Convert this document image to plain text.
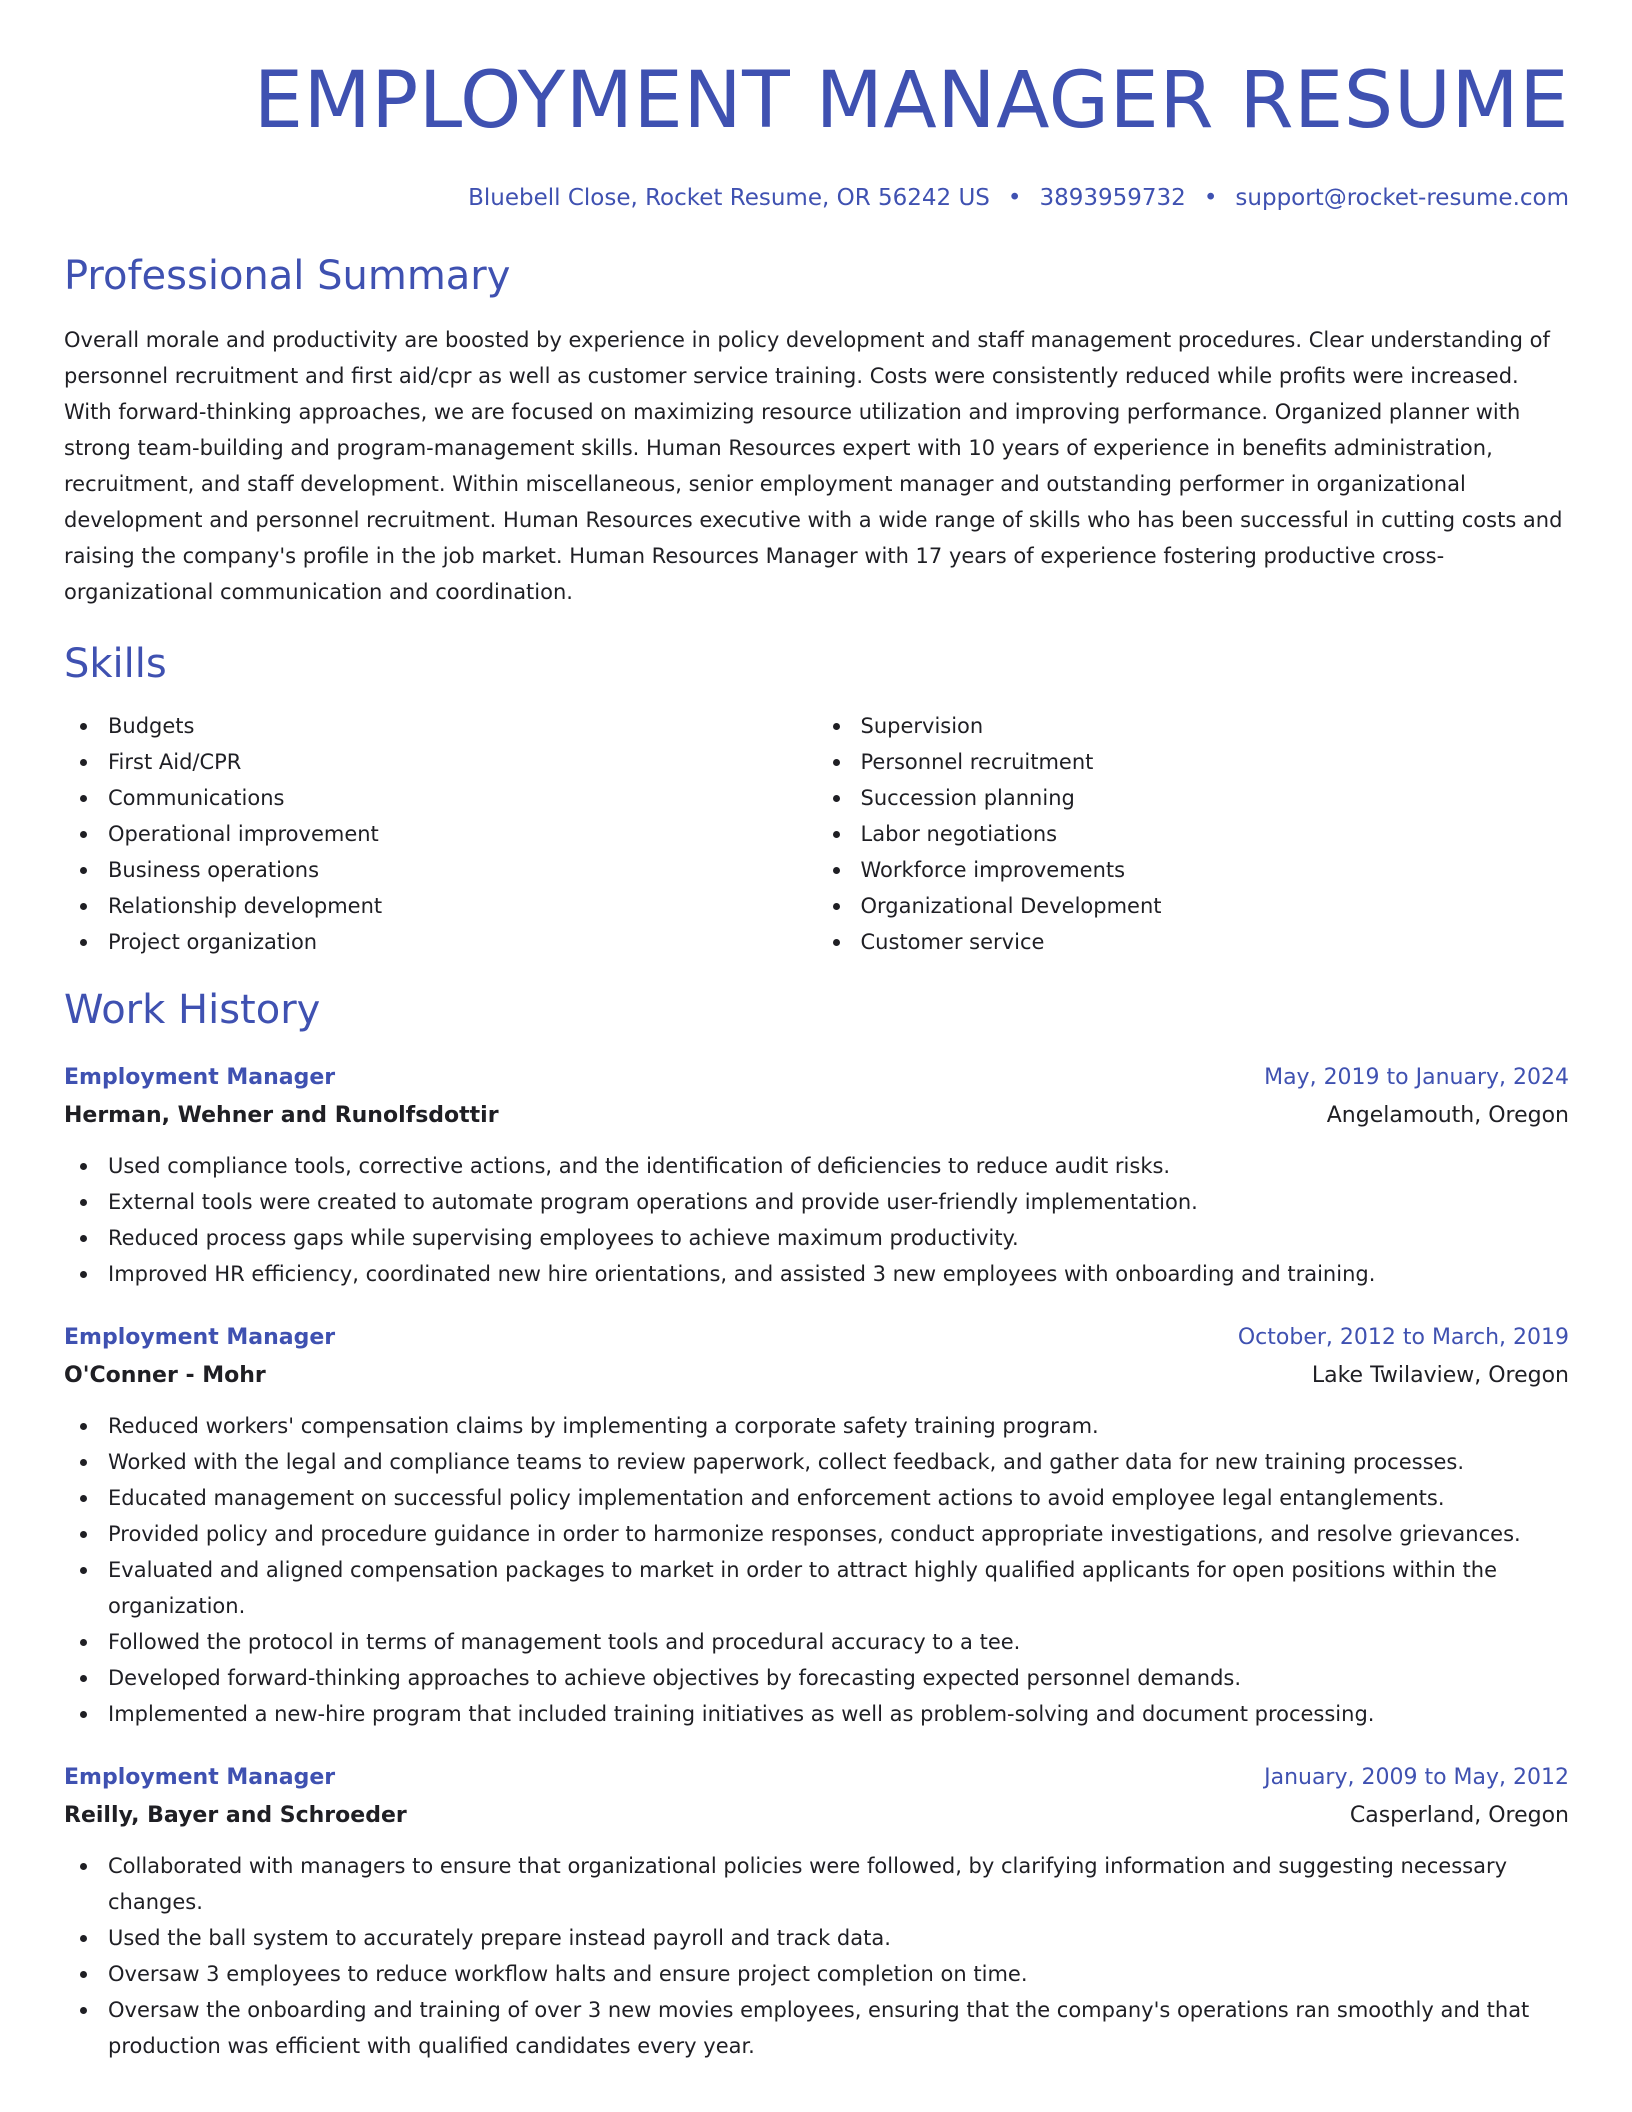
EMPLOYMENT MANAGER RESUME
Bluebell Close, Rocket Resume, OR 56242 US • 3893959732 • support@rocket-resume.com
Professional Summary
Overall morale and productivity are boosted by experience in policy development and staff management procedures. Clear understanding of personnel recruitment and first aid/cpr as well as customer service training. Costs were consistently reduced while profits were increased. With forward-thinking approaches, we are focused on maximizing resource utilization and improving performance. Organized planner with strong team-building and program-management skills. Human Resources expert with 10 years of experience in benefits administration, recruitment, and staff development. Within miscellaneous, senior employment manager and outstanding performer in organizational development and personnel recruitment. Human Resources executive with a wide range of skills who has been successful in cutting costs and raising the company's profile in the job market. Human Resources Manager with 17 years of experience fostering productive cross-organizational communication and coordination.
Skills
Budgets
First Aid/CPR
Communications
Operational improvement
Business operations
Relationship development
Project organization
Supervision
Personnel recruitment
Succession planning
Labor negotiations
Workforce improvements
Organizational Development
Customer service
Work History
Employment Manager	May, 2019 to January, 2024
Herman, Wehner and Runolfsdottir	Angelamouth, Oregon
Used compliance tools, corrective actions, and the identification of deficiencies to reduce audit risks.
External tools were created to automate program operations and provide user-friendly implementation.
Reduced process gaps while supervising employees to achieve maximum productivity.
Improved HR efficiency, coordinated new hire orientations, and assisted 3 new employees with onboarding and training.
Employment Manager	October, 2012 to March, 2019
O'Conner - Mohr	Lake Twilaview, Oregon
Reduced workers' compensation claims by implementing a corporate safety training program.
Worked with the legal and compliance teams to review paperwork, collect feedback, and gather data for new training processes.
Educated management on successful policy implementation and enforcement actions to avoid employee legal entanglements.
Provided policy and procedure guidance in order to harmonize responses, conduct appropriate investigations, and resolve grievances.
Evaluated and aligned compensation packages to market in order to attract highly qualified applicants for open positions within the organization.
Followed the protocol in terms of management tools and procedural accuracy to a tee.
Developed forward-thinking approaches to achieve objectives by forecasting expected personnel demands.
Implemented a new-hire program that included training initiatives as well as problem-solving and document processing.
Employment Manager	January, 2009 to May, 2012
Reilly, Bayer and Schroeder	Casperland, Oregon
Collaborated with managers to ensure that organizational policies were followed, by clarifying information and suggesting necessary changes.
Used the ball system to accurately prepare instead payroll and track data.
Oversaw 3 employees to reduce workflow halts and ensure project completion on time.
Oversaw the onboarding and training of over 3 new movies employees, ensuring that the company's operations ran smoothly and that production was efficient with qualified candidates every year.
